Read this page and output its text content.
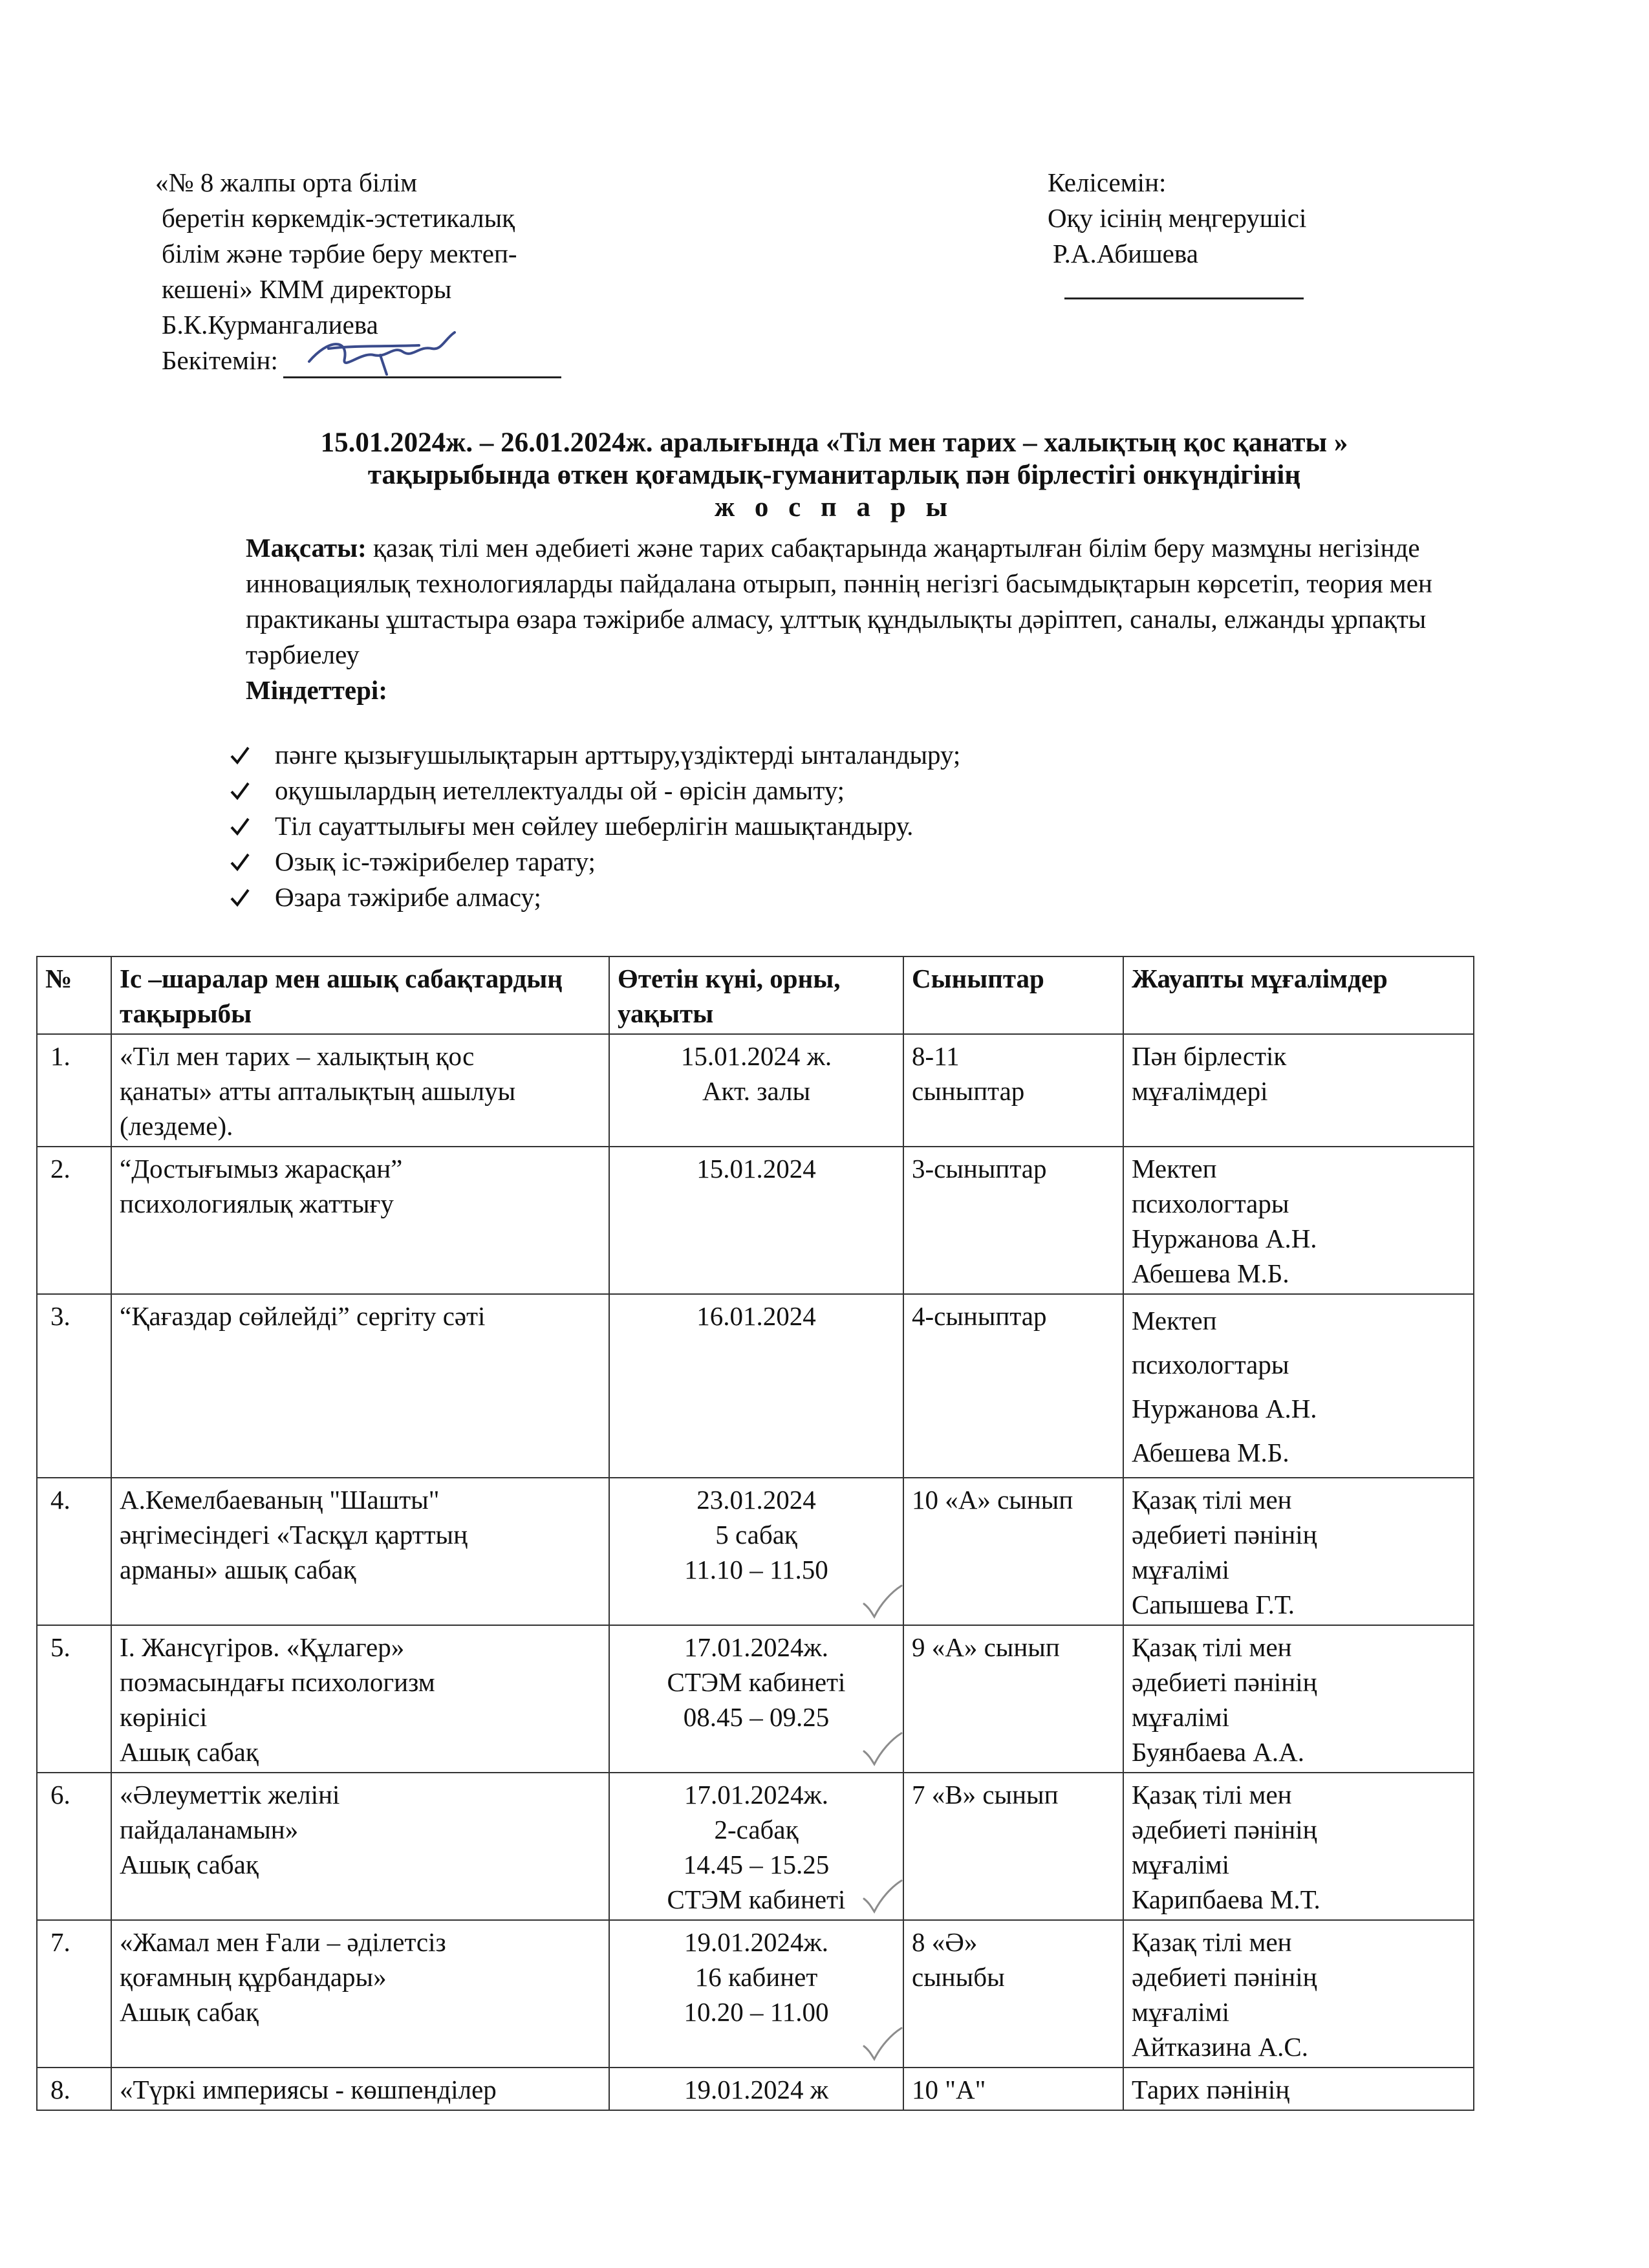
«№ 8 жалпы орта білім
беретін көркемдік-эстетикалық
білім және тәрбие беру мектеп-
кешені» КММ директоры
Б.К.Курмангалиева
Бекітемін:
Келісемін:
Оқу ісінің меңгерушісі
Р.А.Абишева
15.01.2024ж. – 26.01.2024ж. аралығында «Тіл мен тарих – халықтың қос қанаты »
тақырыбында өткен қоғамдық-гуманитарлық пән бірлестігі онкүндігінің
ж о с п а р ы
Мақсаты: қазақ тілі мен әдебиеті және тарих сабақтарында жаңартылған білім беру мазмұны негізінде инновациялық технологияларды пайдалана отырып, пәннің негізгі басымдықтарын көрсетіп, теория мен практиканы ұштастыра өзара тәжірибе алмасу, ұлттық құндылықты дәріптеп, саналы, елжанды ұрпақты тәрбиелеу
Міндеттері:
пәнге қызығушылықтарын арттыру,үздіктерді ынталандыру;
оқушылардың иетеллектуалды ой - өрісін дамыту;
Тіл сауаттылығы мен сөйлеу шеберлігін машықтандыру.
Озық іс-тәжірибелер тарату;
Өзара тәжірибе алмасу;
№	Іс –шаралар мен ашық сабақтардың тақырыбы	Өтетін күні, орны, уақыты	Сыныптар	Жауапты мұғалімдер
1.	«Тіл мен тарих – халықтың қос
қанаты» атты апталықтың ашылуы
(лездеме).	15.01.2024 ж.
Акт. залы	8-11
сыныптар	Пән бірлестік
мұғалімдері

2.	“Достығымыз жарасқан”
психологиялық жаттығу	15.01.2024	3-сыныптар	Мектеп
психологтары
Нуржанова А.Н.
Абешева М.Б.

3.	“Қағаздар сөйлейді” сергіту сәті	16.01.2024	4-сыныптар	Мектеп
психологтары
Нуржанова А.Н.
Абешева М.Б.

4.	А.Кемелбаеваның "Шашты"
әңгімесіндегі «Тасқұл қарттың
арманы» ашық сабақ	23.01.2024
5 сабақ
11.10 – 11.50	10 «А» сынып	Қазақ тілі мен
әдебиеті пәнінің
мұғалімі
Сапышева Г.Т.

5.	І. Жансүгіров. «Құлагер»
поэмасындағы психологизм
көрінісі
Ашық сабақ	17.01.2024ж.
СТЭМ кабинеті
08.45 – 09.25	9 «А» сынып	Қазақ тілі мен
әдебиеті пәнінің
мұғалімі
Буянбаева А.А.

6.	«Әлеуметтік желіні
пайдаланамын»
Ашық сабақ	17.01.2024ж.
2-сабақ
14.45 – 15.25
СТЭМ кабинеті	7 «В» сынып	Қазақ тілі мен
әдебиеті пәнінің
мұғалімі
Карипбаева М.Т.

7.	«Жамал мен Ғали – әділетсіз
қоғамның құрбандары»
Ашық сабақ	19.01.2024ж.
16 кабинет
10.20 – 11.00	8 «Ә»
сыныбы	Қазақ тілі мен
әдебиеті пәнінің
мұғалімі
Айтказина А.С.

8.	«Түркі империясы - көшпенділер	19.01.2024 ж	10 "А"	Тарих пәнінің
